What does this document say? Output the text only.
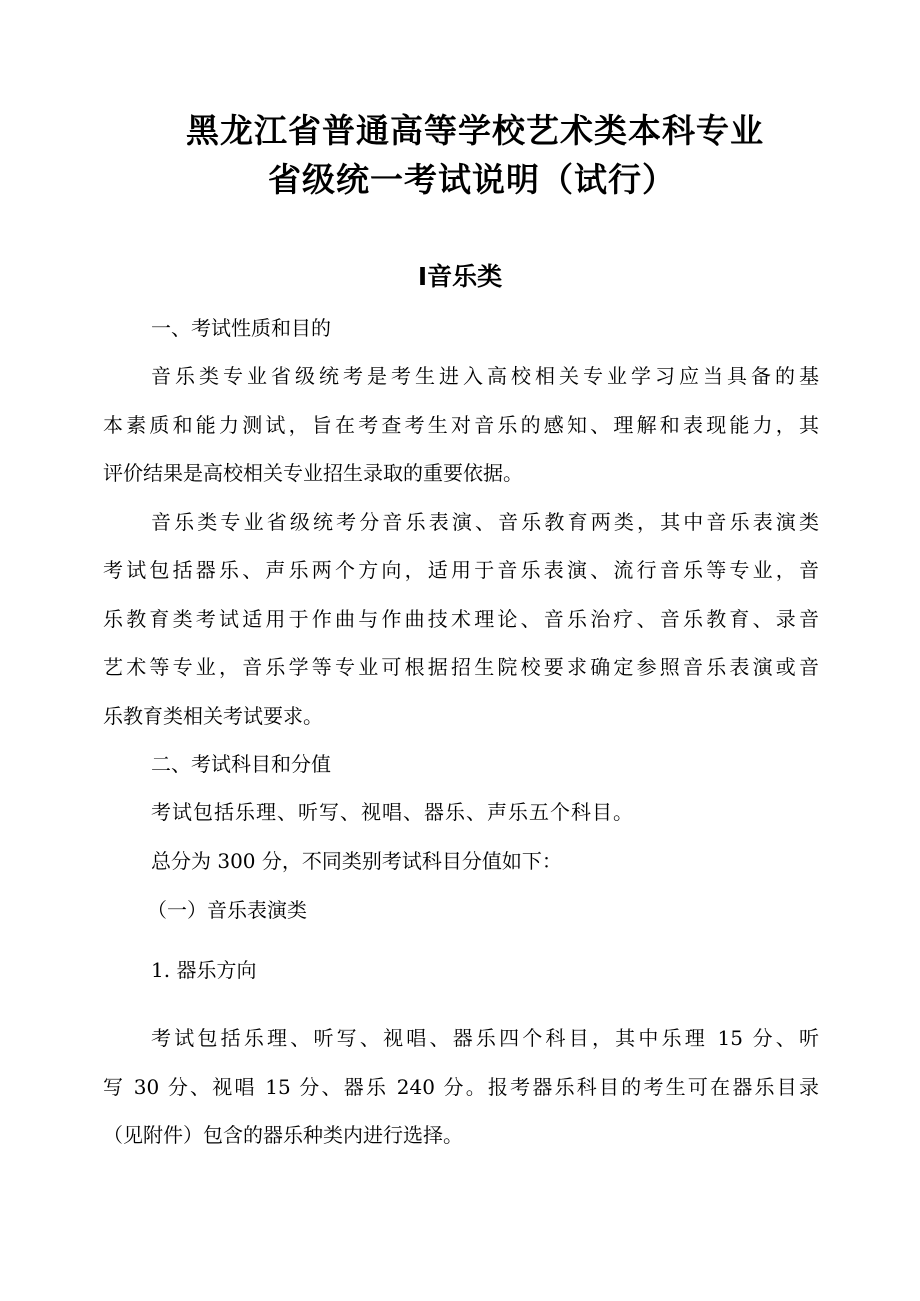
黑龙江省普通高等学校艺术类本科专业
省级统一考试说明（试行）
Ⅰ音乐类

一、考试性质和目的

音乐类专业省级统考是考生进入高校相关专业学习应当具备的基

本素质和能力测试，旨在考查考生对音乐的感知、理解和表现能力，其

评价结果是高校相关专业招生录取的重要依据。

音乐类专业省级统考分音乐表演、音乐教育两类，其中音乐表演类

考试包括器乐、声乐两个方向，适用于音乐表演、流行音乐等专业，音

乐教育类考试适用于作曲与作曲技术理论、音乐治疗、音乐教育、录音

艺术等专业，音乐学等专业可根据招生院校要求确定参照音乐表演或音

乐教育类相关考试要求。

二、考试科目和分值

考试包括乐理、听写、视唱、器乐、声乐五个科目。

总分为 300 分，不同类别考试科目分值如下：

（一）音乐表演类

1. 器乐方向

考试包括乐理、听写、视唱、器乐四个科目，其中乐理 15 分、听

写 30 分、视唱 15 分、器乐 240 分。报考器乐科目的考生可在器乐目录

（见附件）包含的器乐种类内进行选择。
